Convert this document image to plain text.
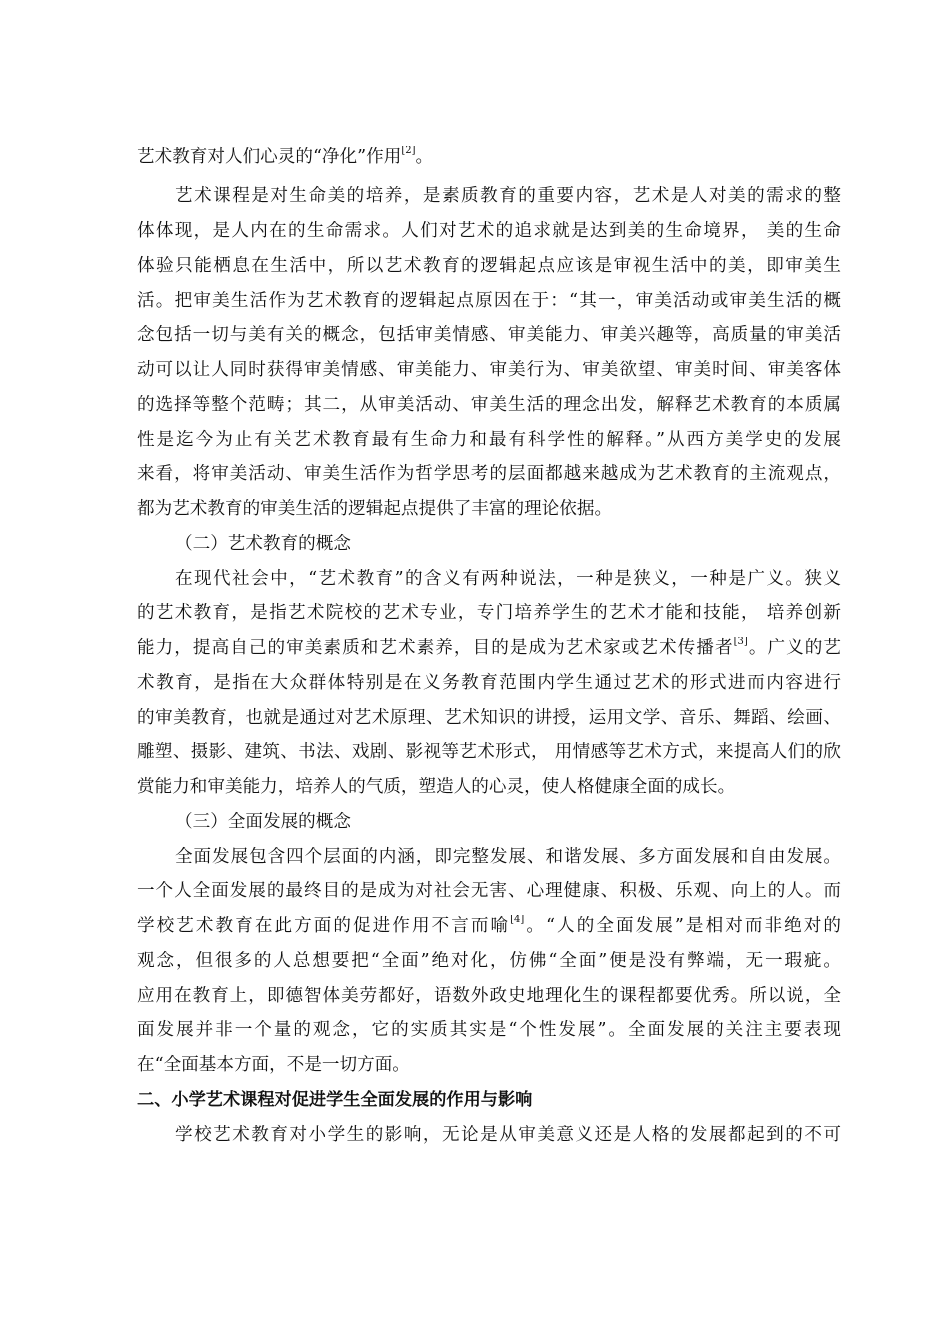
艺术教育对人们心灵的“净化”作用[2]。
艺术课程是对生命美的培养，是素质教育的重要内容，艺术是人对美的需求的整
体体现，是人内在的生命需求。人们对艺术的追求就是达到美的生命境界， 美的生命
体验只能栖息在生活中，所以艺术教育的逻辑起点应该是审视生活中的美，即审美生
活。把审美生活作为艺术教育的逻辑起点原因在于：“其一，审美活动或审美生活的概
念包括一切与美有关的概念，包括审美情感、审美能力、审美兴趣等，高质量的审美活
动可以让人同时获得审美情感、审美能力、审美行为、审美欲望、审美时间、审美客体
的选择等整个范畴；其二，从审美活动、审美生活的理念出发，解释艺术教育的本质属
性是迄今为止有关艺术教育最有生命力和最有科学性的解释。”从西方美学史的发展
来看，将审美活动、审美生活作为哲学思考的层面都越来越成为艺术教育的主流观点，
都为艺术教育的审美生活的逻辑起点提供了丰富的理论依据。
（二）艺术教育的概念
在现代社会中，“艺术教育”的含义有两种说法，一种是狭义，一种是广义。狭义
的艺术教育，是指艺术院校的艺术专业，专门培养学生的艺术才能和技能， 培养创新
能力，提高自己的审美素质和艺术素养，目的是成为艺术家或艺术传播者[3]。广义的艺
术教育，是指在大众群体特别是在义务教育范围内学生通过艺术的形式进而内容进行
的审美教育，也就是通过对艺术原理、艺术知识的讲授，运用文学、音乐、舞蹈、绘画、
雕塑、摄影、建筑、书法、戏剧、影视等艺术形式， 用情感等艺术方式，来提高人们的欣
赏能力和审美能力，培养人的气质，塑造人的心灵，使人格健康全面的成长。
（三）全面发展的概念
全面发展包含四个层面的内涵，即完整发展、和谐发展、多方面发展和自由发展。
一个人全面发展的最终目的是成为对社会无害、心理健康、积极、乐观、向上的人。而
学校艺术教育在此方面的促进作用不言而喻[4]。“人的全面发展”是相对而非绝对的
观念，但很多的人总想要把“全面”绝对化，仿佛“全面”便是没有弊端，无一瑕疵。
应用在教育上，即德智体美劳都好，语数外政史地理化生的课程都要优秀。所以说，全
面发展并非一个量的观念，它的实质其实是“个性发展”。全面发展的关注主要表现
在“全面基本方面，不是一切方面。
二、小学艺术课程对促进学生全面发展的作用与影响
学校艺术教育对小学生的影响，无论是从审美意义还是人格的发展都起到的不可
